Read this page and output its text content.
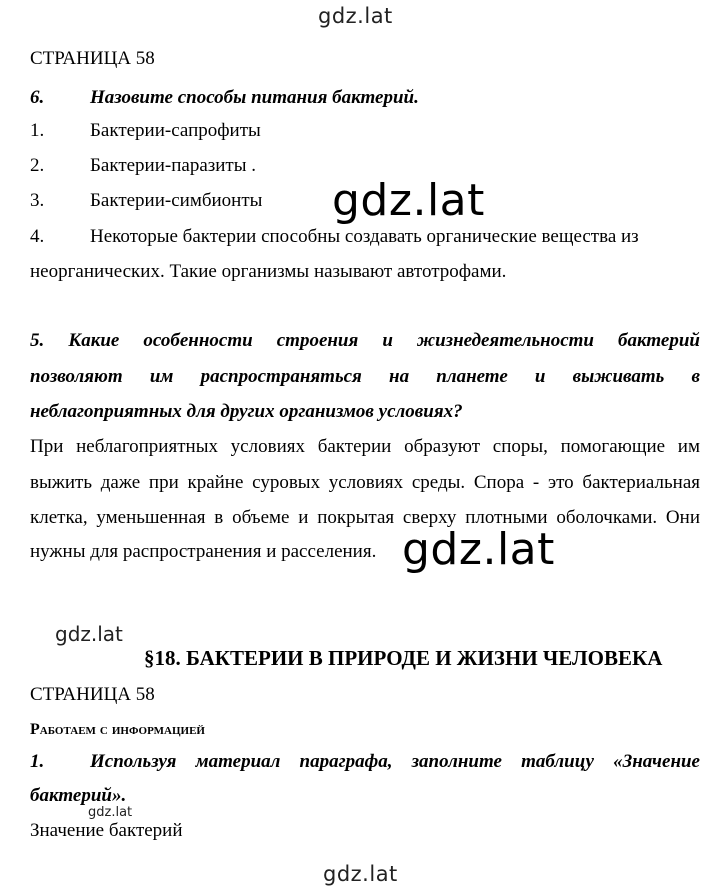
gdz.lat
СТРАНИЦА 58
6. Назовите способы питания бактерий.
1. Бактерии-сапрофиты
2. Бактерии-паразиты .
3. Бактерии-симбионты
4. Некоторые бактерии способны создавать органические вещества из
неорганических. Такие организмы называют автотрофами.
gdz.lat
5. Какие особенности строения и жизнедеятельности бактерий
позволяют им распространяться на планете и выживать в
неблагоприятных для других организмов условиях?
При неблагоприятных условиях бактерии образуют споры, помогающие им
выжить даже при крайне суровых условиях среды. Спора - это бактериальная
клетка, уменьшенная в объеме и покрытая сверху плотными оболочками. Они
нужны для распространения и расселения. gdz.lat
gdz.lat
§18. БАКТЕРИИ В ПРИРОДЕ И ЖИЗНИ ЧЕЛОВЕКА
СТРАНИЦА 58
Работаем с информацией
1. Используя материал параграфа, заполните таблицу «Значение
бактерий».
gdz.lat
Значение бактерий
gdz.lat
